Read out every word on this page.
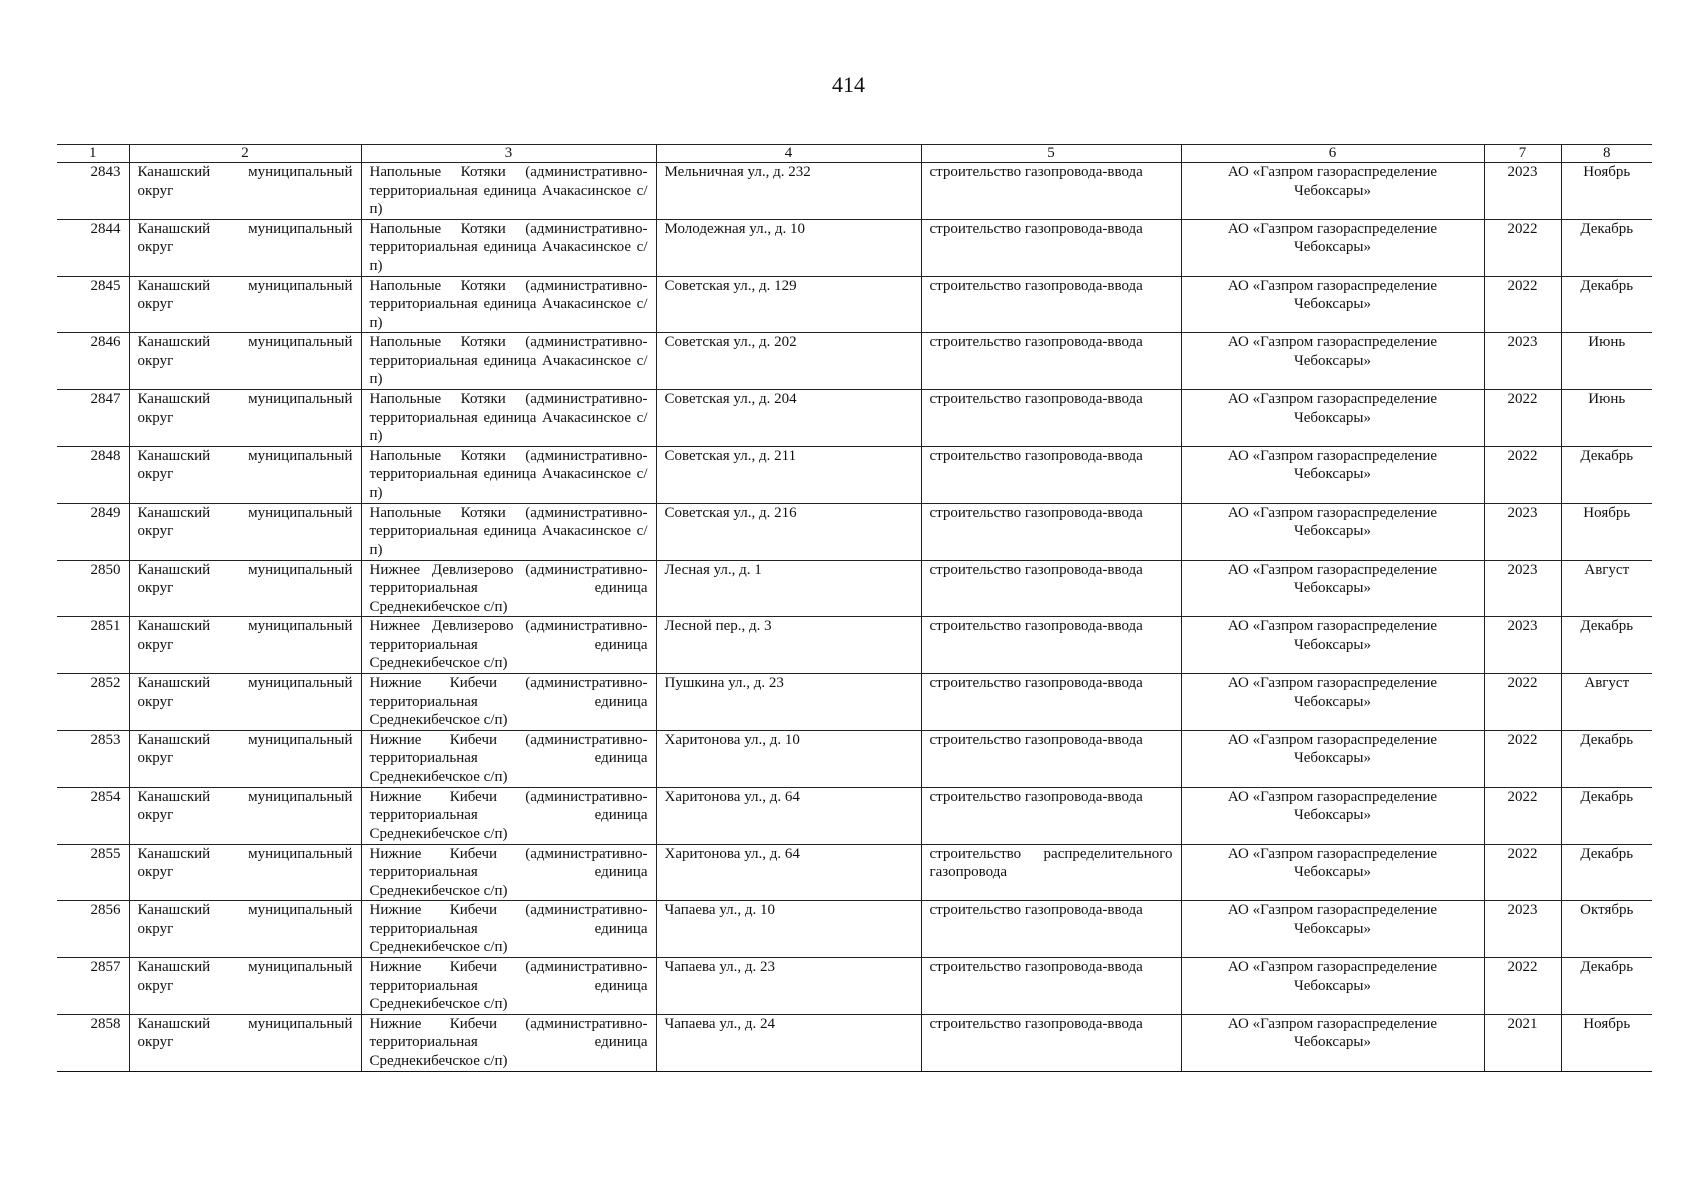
414
1	2	3	4	5	6	7	8
2843	Канашский муниципальный округ	Напольные Котяки (административно-территориальная единица Ачакасинское с/п)	Мельничная ул., д. 232	строительство газопровода-ввода	АО «Газпром газораспределение Чебоксары»	2023	Ноябрь
2844	Канашский муниципальный округ	Напольные Котяки (административно-территориальная единица Ачакасинское с/п)	Молодежная ул., д. 10	строительство газопровода-ввода	АО «Газпром газораспределение Чебоксары»	2022	Декабрь
2845	Канашский муниципальный округ	Напольные Котяки (административно-территориальная единица Ачакасинское с/п)	Советская ул., д. 129	строительство газопровода-ввода	АО «Газпром газораспределение Чебоксары»	2022	Декабрь
2846	Канашский муниципальный округ	Напольные Котяки (административно-территориальная единица Ачакасинское с/п)	Советская ул., д. 202	строительство газопровода-ввода	АО «Газпром газораспределение Чебоксары»	2023	Июнь
2847	Канашский муниципальный округ	Напольные Котяки (административно-территориальная единица Ачакасинское с/п)	Советская ул., д. 204	строительство газопровода-ввода	АО «Газпром газораспределение Чебоксары»	2022	Июнь
2848	Канашский муниципальный округ	Напольные Котяки (административно-территориальная единица Ачакасинское с/п)	Советская ул., д. 211	строительство газопровода-ввода	АО «Газпром газораспределение Чебоксары»	2022	Декабрь
2849	Канашский муниципальный округ	Напольные Котяки (административно-территориальная единица Ачакасинское с/п)	Советская ул., д. 216	строительство газопровода-ввода	АО «Газпром газораспределение Чебоксары»	2023	Ноябрь
2850	Канашский муниципальный округ	Нижнее Девлизерово (административно-территориальная единица Среднекибечское с/п)	Лесная ул., д. 1	строительство газопровода-ввода	АО «Газпром газораспределение Чебоксары»	2023	Август
2851	Канашский муниципальный округ	Нижнее Девлизерово (административно-территориальная единица Среднекибечское с/п)	Лесной пер., д. 3	строительство газопровода-ввода	АО «Газпром газораспределение Чебоксары»	2023	Декабрь
2852	Канашский муниципальный округ	Нижние Кибечи (административно-территориальная единица Среднекибечское с/п)	Пушкина ул., д. 23	строительство газопровода-ввода	АО «Газпром газораспределение Чебоксары»	2022	Август
2853	Канашский муниципальный округ	Нижние Кибечи (административно-территориальная единица Среднекибечское с/п)	Харитонова ул., д. 10	строительство газопровода-ввода	АО «Газпром газораспределение Чебоксары»	2022	Декабрь
2854	Канашский муниципальный округ	Нижние Кибечи (административно-территориальная единица Среднекибечское с/п)	Харитонова ул., д. 64	строительство газопровода-ввода	АО «Газпром газораспределение Чебоксары»	2022	Декабрь
2855	Канашский муниципальный округ	Нижние Кибечи (административно-территориальная единица Среднекибечское с/п)	Харитонова ул., д. 64	строительство распределительного газопровода	АО «Газпром газораспределение Чебоксары»	2022	Декабрь
2856	Канашский муниципальный округ	Нижние Кибечи (административно-территориальная единица Среднекибечское с/п)	Чапаева ул., д. 10	строительство газопровода-ввода	АО «Газпром газораспределение Чебоксары»	2023	Октябрь
2857	Канашский муниципальный округ	Нижние Кибечи (административно-территориальная единица Среднекибечское с/п)	Чапаева ул., д. 23	строительство газопровода-ввода	АО «Газпром газораспределение Чебоксары»	2022	Декабрь
2858	Канашский муниципальный округ	Нижние Кибечи (административно-территориальная единица Среднекибечское с/п)	Чапаева ул., д. 24	строительство газопровода-ввода	АО «Газпром газораспределение Чебоксары»	2021	Ноябрь
